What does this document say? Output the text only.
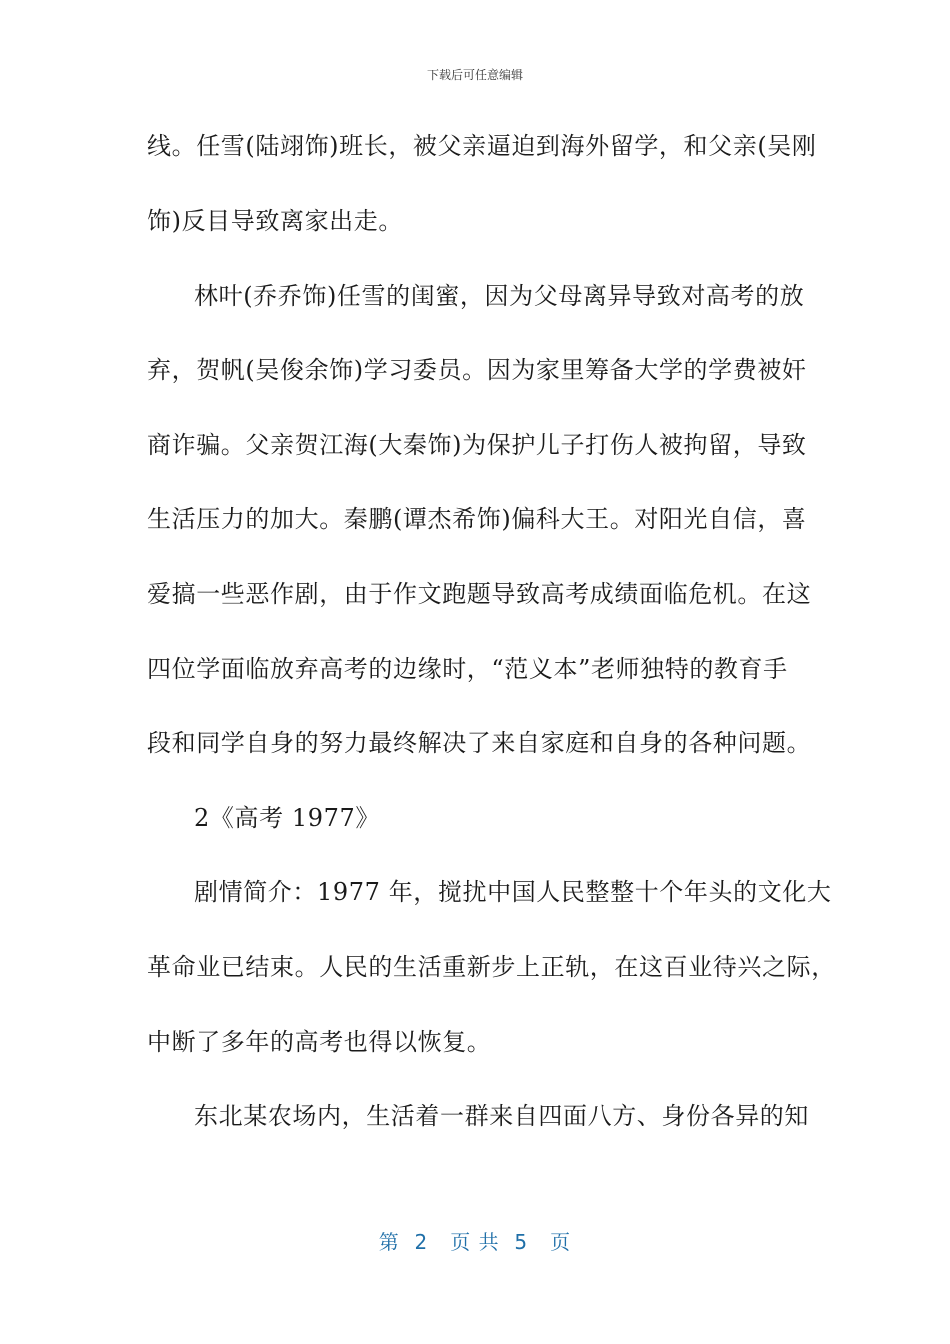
下载后可任意编辑
线。任雪(陆翊饰)班长，被父亲逼迫到海外留学，和父亲(吴刚
饰)反目导致离家出走。
林叶(乔乔饰)任雪的闺蜜，因为父母离异导致对高考的放
弃，贺帆(吴俊余饰)学习委员。因为家里筹备大学的学费被奸
商诈骗。父亲贺江海(大秦饰)为保护儿子打伤人被拘留，导致
生活压力的加大。秦鹏(谭杰希饰)偏科大王。对阳光自信，喜
爱搞一些恶作剧，由于作文跑题导致高考成绩面临危机。在这
四位学面临放弃高考的边缘时，“范义本”老师独特的教育手
段和同学自身的努力最终解决了来自家庭和自身的各种问题。
2《高考 1977》
剧情简介：1977 年，搅扰中国人民整整十个年头的文化大
革命业已结束。人民的生活重新步上正轨，在这百业待兴之际，
中断了多年的高考也得以恢复。
东北某农场内，生活着一群来自四面八方、身份各异的知
第  2   页 共  5   页
